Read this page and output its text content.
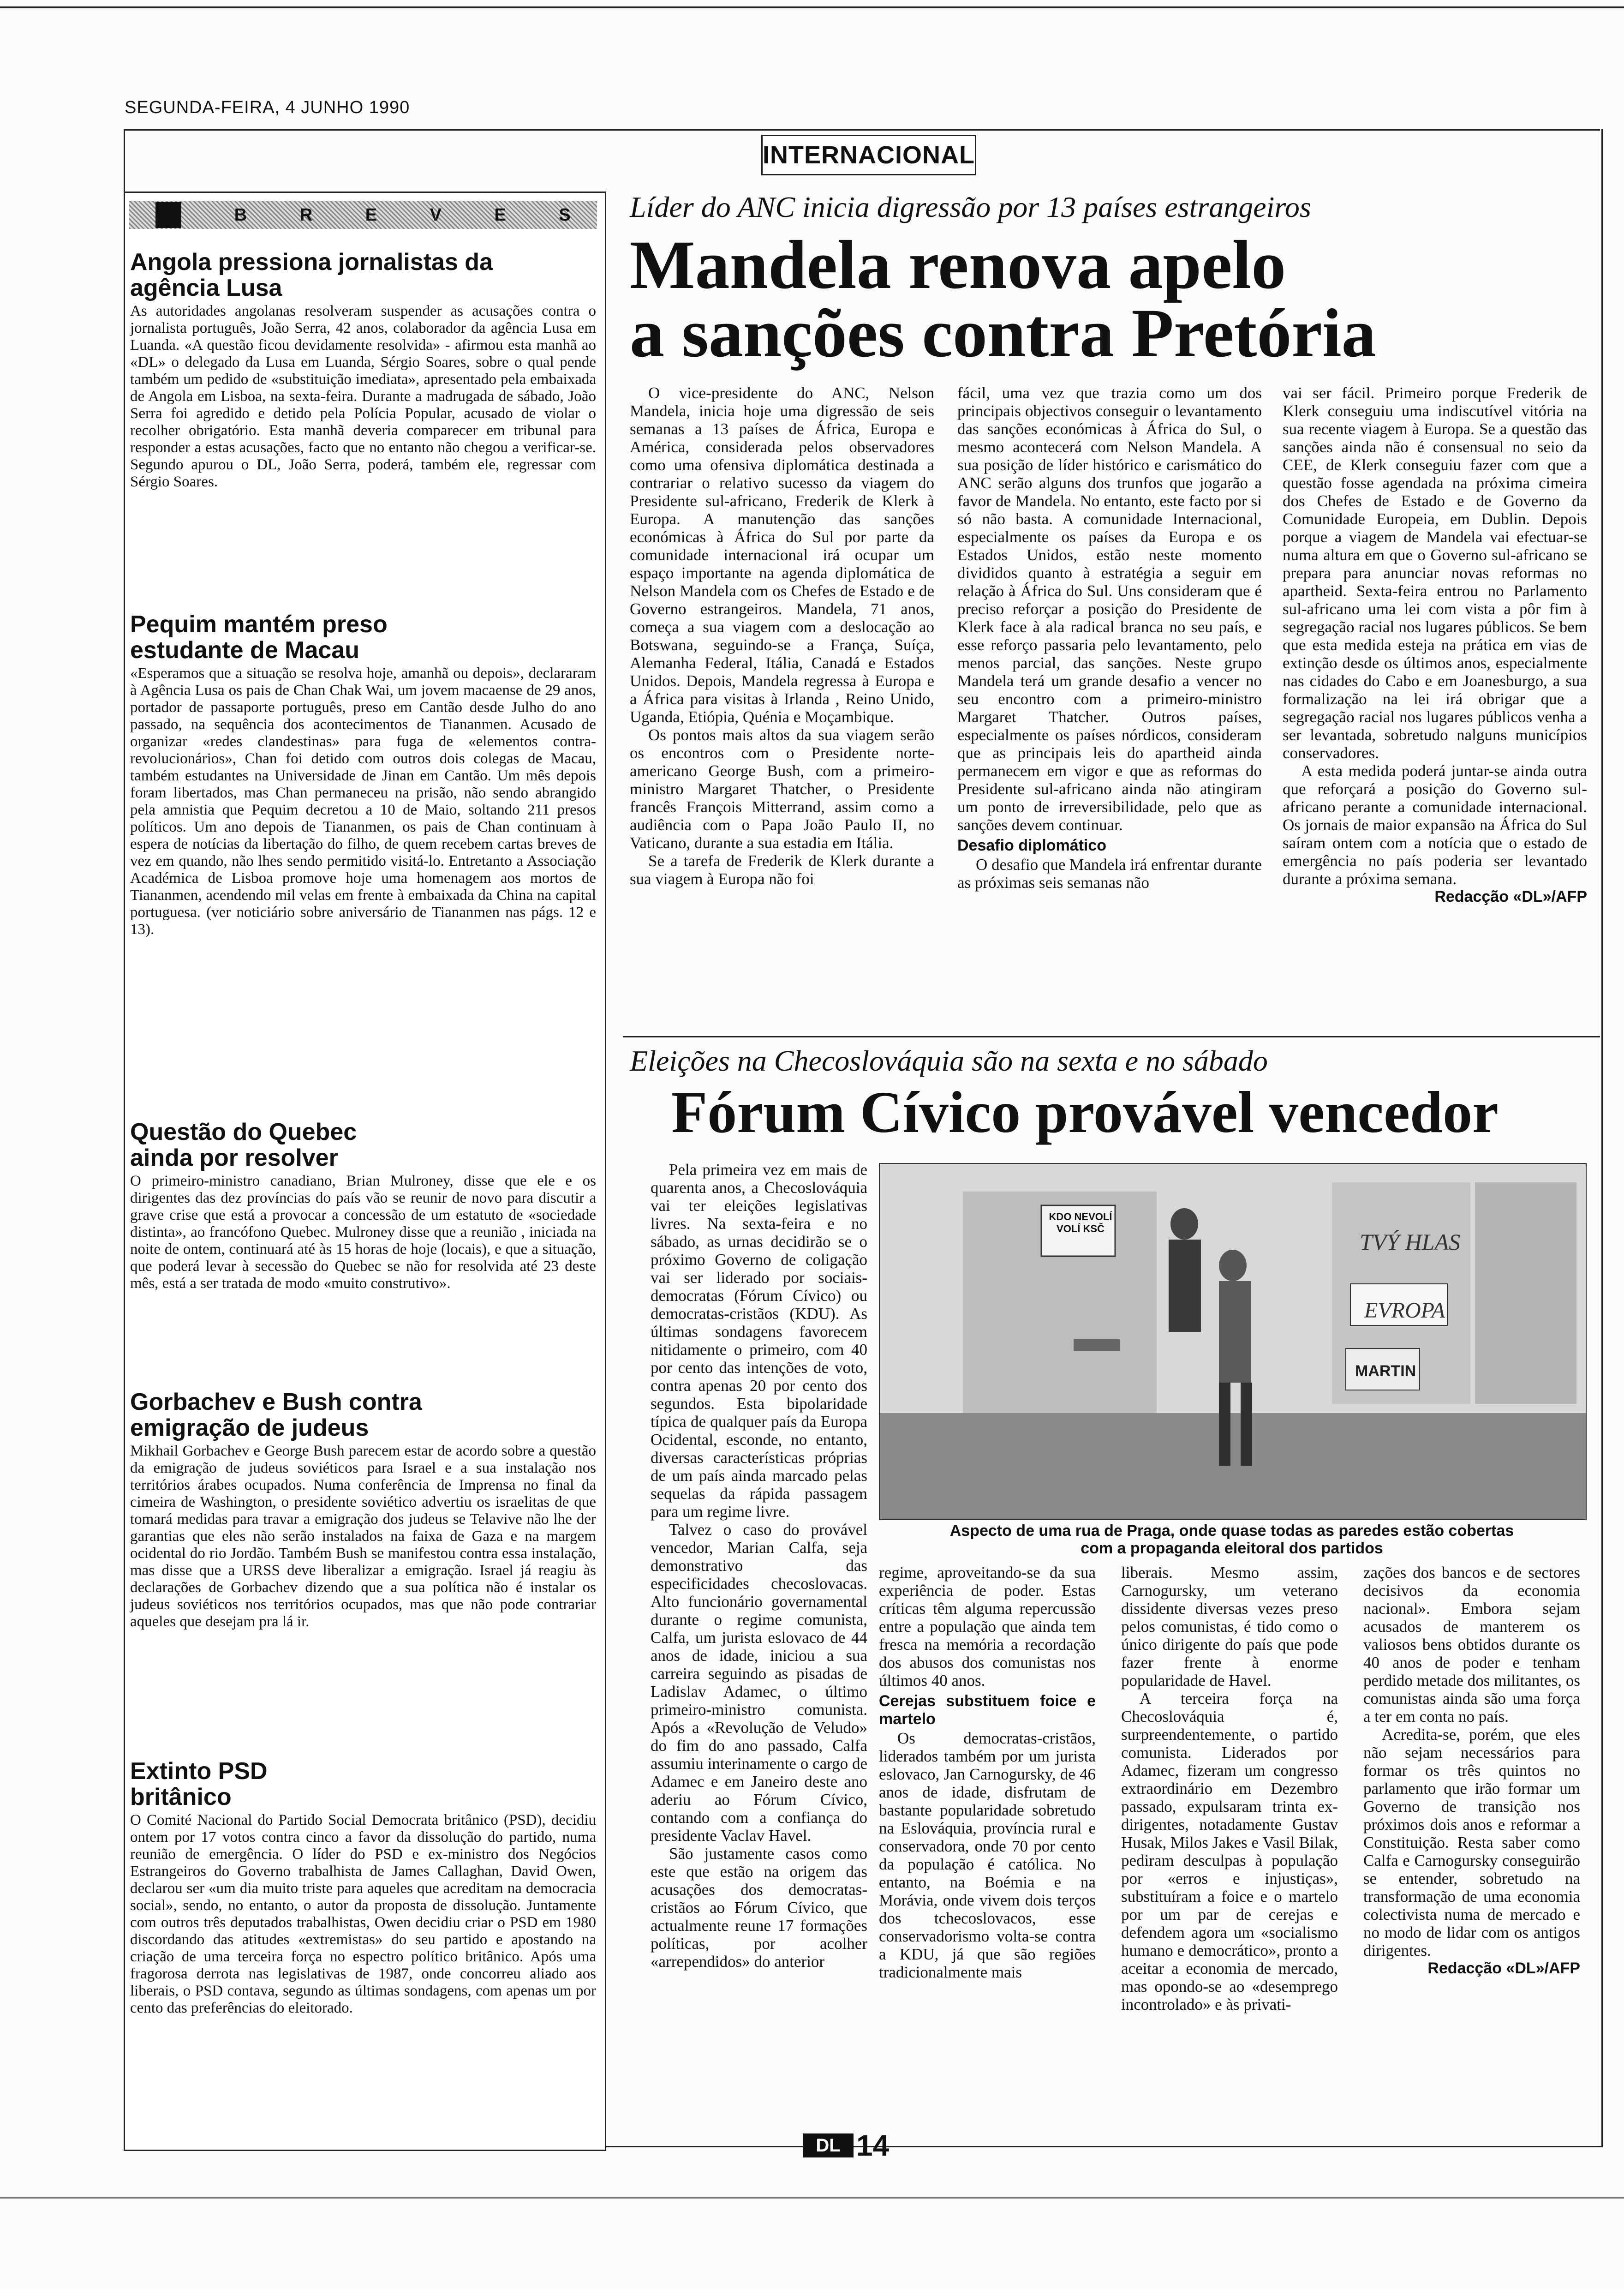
SEGUNDA-FEIRA, 4 JUNHO 1990
INTERNACIONAL
B	R	E	V	E	S
Angola pressiona jornalistas da agência Lusa
As autoridades angolanas resolveram suspender as acusações contra o jornalista português, João Serra, 42 anos, colaborador da agência Lusa em Luanda. «A questão ficou devidamente resolvida» - afirmou esta manhã ao «DL» o delegado da Lusa em Luanda, Sérgio Soares, sobre o qual pende também um pedido de «substituição imediata», apresentado pela embaixada de Angola em Lisboa, na sexta-feira. Durante a madrugada de sábado, João Serra foi agredido e detido pela Polícia Popular, acusado de violar o recolher obrigatório. Esta manhã deveria comparecer em tribunal para responder a estas acusações, facto que no entanto não chegou a verificar-se. Segundo apurou o DL, João Serra, poderá, também ele, regressar com Sérgio Soares.
Pequim mantém preso estudante de Macau
«Esperamos que a situação se resolva hoje, amanhã ou depois», declararam à Agência Lusa os pais de Chan Chak Wai, um jovem macaense de 29 anos, portador de passaporte português, preso em Cantão desde Julho do ano passado, na sequência dos acontecimentos de Tiananmen. Acusado de organizar «redes clandestinas» para fuga de «elementos contra-revolucionários», Chan foi detido com outros dois colegas de Macau, também estudantes na Universidade de Jinan em Cantão. Um mês depois foram libertados, mas Chan permaneceu na prisão, não sendo abrangido pela amnistia que Pequim decretou a 10 de Maio, soltando 211 presos políticos. Um ano depois de Tiananmen, os pais de Chan continuam à espera de notícias da libertação do filho, de quem recebem cartas breves de vez em quando, não lhes sendo permitido visitá-lo. Entretanto a Associação Académica de Lisboa promove hoje uma homenagem aos mortos de Tiananmen, acendendo mil velas em frente à embaixada da China na capital portuguesa. (ver noticiário sobre aniversário de Tiananmen nas págs. 12 e 13).
Questão do Quebec ainda por resolver
O primeiro-ministro canadiano, Brian Mulroney, disse que ele e os dirigentes das dez províncias do país vão se reunir de novo para discutir a grave crise que está a provocar a concessão de um estatuto de «sociedade distinta», ao francófono Quebec. Mulroney disse que a reunião , iniciada na noite de ontem, continuará até às 15 horas de hoje (locais), e que a situação, que poderá levar à secessão do Quebec se não for resolvida até 23 deste mês, está a ser tratada de modo «muito construtivo».
Gorbachev e Bush contra emigração de judeus
Mikhail Gorbachev e George Bush parecem estar de acordo sobre a questão da emigração de judeus soviéticos para Israel e a sua instalação nos territórios árabes ocupados. Numa conferência de Imprensa no final da cimeira de Washington, o presidente soviético advertiu os israelitas de que tomará medidas para travar a emigração dos judeus se Telavive não lhe der garantias que eles não serão instalados na faixa de Gaza e na margem ocidental do rio Jordão. Também Bush se manifestou contra essa instalação, mas disse que a URSS deve liberalizar a emigração. Israel já reagiu às declarações de Gorbachev dizendo que a sua política não é instalar os judeus soviéticos nos territórios ocupados, mas que não pode contrariar aqueles que desejam pra lá ir.
Extinto PSD britânico
O Comité Nacional do Partido Social Democrata britânico (PSD), decidiu ontem por 17 votos contra cinco a favor da dissolução do partido, numa reunião de emergência. O líder do PSD e ex-ministro dos Negócios Estrangeiros do Governo trabalhista de James Callaghan, David Owen, declarou ser «um dia muito triste para aqueles que acreditam na democracia social», sendo, no entanto, o autor da proposta de dissolução. Juntamente com outros três deputados trabalhistas, Owen decidiu criar o PSD em 1980 discordando das atitudes «extremistas» do seu partido e apostando na criação de uma terceira força no espectro político britânico. Após uma fragorosa derrota nas legislativas de 1987, onde concorreu aliado aos liberais, o PSD contava, segundo as últimas sondagens, com apenas um por cento das preferências do eleitorado.
Líder do ANC inicia digressão por 13 países estrangeiros
Mandela renova apelo
a sanções contra Pretória

O vice-presidente do ANC, Nelson Mandela, inicia hoje uma digressão de seis semanas a 13 países de África, Europa e América, considerada pelos observadores como uma ofensiva diplomática destinada a contrariar o relativo sucesso da viagem do Presidente sul-africano, Frederik de Klerk à Europa. A manutenção das sanções económicas à África do Sul por parte da comunidade internacional irá ocupar um espaço importante na agenda diplomática de Nelson Mandela com os Chefes de Estado e de Governo estrangeiros. Mandela, 71 anos, começa a sua viagem com a deslocação ao Botswana, seguindo-se a França, Suíça, Alemanha Federal, Itália, Canadá e Estados Unidos. Depois, Mandela regressa à Europa e a África para visitas à Irlanda , Reino Unido, Uganda, Etiópia, Quénia e Moçambique.

Os pontos mais altos da sua viagem serão os encontros com o Presidente norte-americano George Bush, com a primeiro-ministro Margaret Thatcher, o Presidente francês François Mitterrand, assim como a audiência com o Papa João Paulo II, no Vaticano, durante a sua estadia em Itália.

Se a tarefa de Frederik de Klerk durante a sua viagem à Europa não foi

fácil, uma vez que trazia como um dos principais objectivos conseguir o levantamento das sanções económicas à África do Sul, o mesmo acontecerá com Nelson Mandela. A sua posição de líder histórico e carismático do ANC serão alguns dos trunfos que jogarão a favor de Mandela. No entanto, este facto por si só não basta. A comunidade Internacional, especialmente os países da Europa e os Estados Unidos, estão neste momento divididos quanto à estratégia a seguir em relação à África do Sul. Uns consideram que é preciso reforçar a posição do Presidente de Klerk face à ala radical branca no seu país, e esse reforço passaria pelo levantamento, pelo menos parcial, das sanções. Neste grupo Mandela terá um grande desafio a vencer no seu encontro com a primeiro-ministro Margaret Thatcher. Outros países, especialmente os países nórdicos, consideram que as principais leis do apartheid ainda permanecem em vigor e que as reformas do Presidente sul-africano ainda não atingiram um ponto de irreversibilidade, pelo que as sanções devem continuar.

Desafio diplomático

O desafio que Mandela irá enfrentar durante as próximas seis semanas não

vai ser fácil. Primeiro porque Frederik de Klerk conseguiu uma indiscutível vitória na sua recente viagem à Europa. Se a questão das sanções ainda não é consensual no seio da CEE, de Klerk conseguiu fazer com que a questão fosse agendada na próxima cimeira dos Chefes de Estado e de Governo da Comunidade Europeia, em Dublin. Depois porque a viagem de Mandela vai efectuar-se numa altura em que o Governo sul-africano se prepara para anunciar novas reformas no apartheid. Sexta-feira entrou no Parlamento sul-africano uma lei com vista a pôr fim à segregação racial nos lugares públicos. Se bem que esta medida esteja na prática em vias de extinção desde os últimos anos, especialmente nas cidades do Cabo e em Joanesburgo, a sua formalização na lei irá obrigar que a segregação racial nos lugares públicos venha a ser levantada, sobretudo nalguns municípios conservadores.

A esta medida poderá juntar-se ainda outra que reforçará a posição do Governo sul-africano perante a comunidade internacional. Os jornais de maior expansão na África do Sul saíram ontem com a notícia que o estado de emergência no país poderia ser levantado durante a próxima semana.

Redacção «DL»/AFP
Eleições na Checoslováquia são na sexta e no sábado
Fórum Cívico provável vencedor

Pela primeira vez em mais de quarenta anos, a Checoslováquia vai ter eleições legislativas livres. Na sexta-feira e no sábado, as urnas decidirão se o próximo Governo de coligação vai ser liderado por sociais-democratas (Fórum Cívico) ou democratas-cristãos (KDU). As últimas sondagens favorecem nitidamente o primeiro, com 40 por cento das intenções de voto, contra apenas 20 por cento dos segundos. Esta bipolaridade típica de qualquer país da Europa Ocidental, esconde, no entanto, diversas características próprias de um país ainda marcado pelas sequelas da rápida passagem para um regime livre.

Talvez o caso do provável vencedor, Marian Calfa, seja demonstrativo das especificidades checoslovacas. Alto funcionário governamental durante o regime comunista, Calfa, um jurista eslovaco de 44 anos de idade, iniciou a sua carreira seguindo as pisadas de Ladislav Adamec, o último primeiro-ministro comunista. Após a «Revolução de Veludo» do fim do ano passado, Calfa assumiu interinamente o cargo de Adamec e em Janeiro deste ano aderiu ao Fórum Cívico, contando com a confiança do presidente Vaclav Havel.

São justamente casos como este que estão na origem das acusações dos democratas-cristãos ao Fórum Cívico, que actualmente reune 17 formações políticas, por acolher «arrependidos» do anterior

KDO NEVOLÍ VOLÍ KSČ
TVÝ HLAS
EVROPA
MARTIN
Aspecto de uma rua de Praga, onde quase todas as paredes estão cobertas
com a propaganda eleitoral dos partidos

regime, aproveitando-se da sua experiência de poder. Estas críticas têm alguma repercussão entre a população que ainda tem fresca na memória a recordação dos abusos dos comunistas nos últimos 40 anos.

Cerejas substituem foice e martelo

Os democratas-cristãos, liderados também por um jurista eslovaco, Jan Carnogursky, de 46 anos de idade, disfrutam de bastante popularidade sobretudo na Eslováquia, província rural e conservadora, onde 70 por cento da população é católica. No entanto, na Boémia e na Morávia, onde vivem dois terços dos tchecoslovacos, esse conservadorismo volta-se contra a KDU, já que são regiões tradicionalmente mais

liberais. Mesmo assim, Carnogursky, um veterano dissidente diversas vezes preso pelos comunistas, é tido como o único dirigente do país que pode fazer frente à enorme popularidade de Havel.

A terceira força na Checoslováquia é, surpreendentemente, o partido comunista. Liderados por Adamec, fizeram um congresso extraordinário em Dezembro passado, expulsaram trinta ex-dirigentes, notadamente Gustav Husak, Milos Jakes e Vasil Bilak, pediram desculpas à população por «erros e injustiças», substituíram a foice e o martelo por um par de cerejas e defendem agora um «socialismo humano e democrático», pronto a aceitar a economia de mercado, mas opondo-se ao «desemprego incontrolado» e às privati-

zações dos bancos e de sectores decisivos da economia nacional». Embora sejam acusados de manterem os valiosos bens obtidos durante os 40 anos de poder e tenham perdido metade dos militantes, os comunistas ainda são uma força a ter em conta no país.

Acredita-se, porém, que eles não sejam necessários para formar os três quintos no parlamento que irão formar um Governo de transição nos próximos dois anos e reformar a Constituição. Resta saber como Calfa e Carnogursky conseguirão se entender, sobretudo na transformação de uma economia colectivista numa de mercado e no modo de lidar com os antigos dirigentes.

Redacção «DL»/AFP
DL 14
